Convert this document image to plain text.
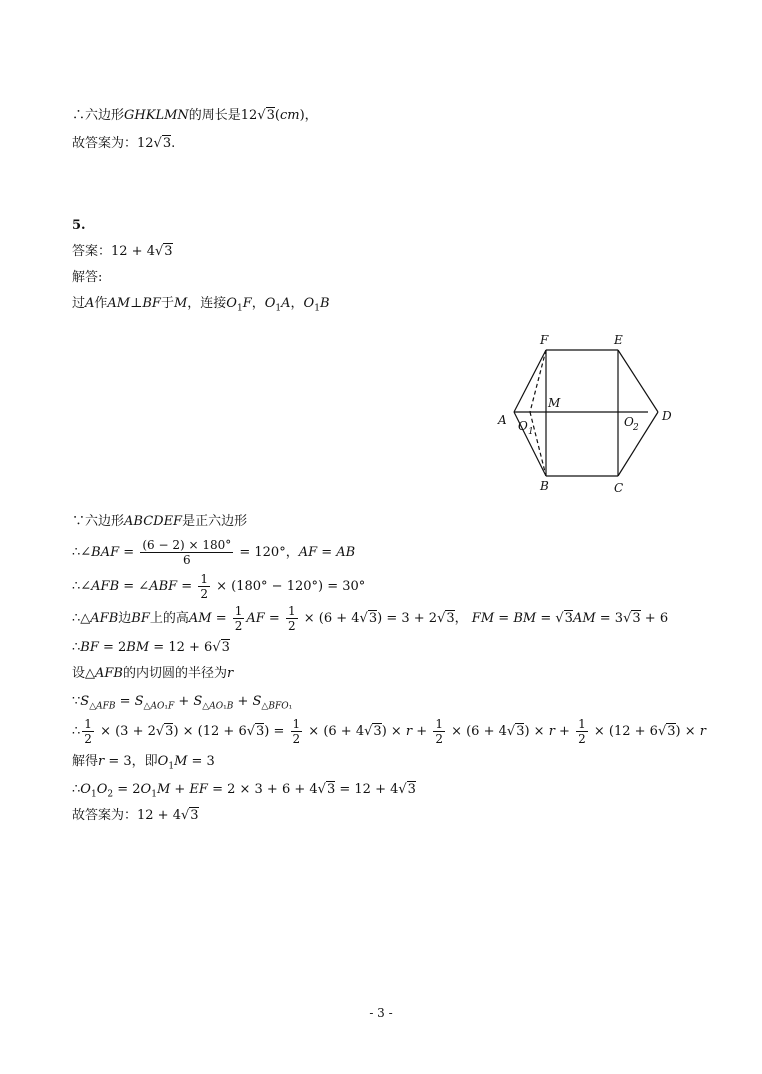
∴六边形GHKLMN的周长是12√3(cm)，
故答案为：12√3.
5.
答案：12 + 4√3
解答:
过A作AM⊥BF于M，连接$O_1F$，$O_1A$，$O_1B$
F	E
A	D
M
O 1
O 2
B	C
∵六边形ABCDEF是正六边形
∴∠BAF = $\frac{(6 - 2) \times 180^\circ}{6} = 120^\circ$，AF = AB
∴∠AFB = ∠ABF = $\frac{1}{2} \times (180^\circ - 120^\circ) = 30^\circ$
∴△AFB边BF上的高AM = $\frac{1}{2}$ AF = $\frac{1}{2} \times (6 + 4√3) = 3 + 2√3$， FM = BM = √3AM = 3√3 + 6
∴BF = 2BM = 12 + 6√3
设△AFB的内切圆的半径为r
$\because S_{\triangle AFB} = S_{\triangle AO_1F} + S_{\triangle AO_1B} + S_{\triangle BFO_1}$
∴ $\frac{1}{2} \times (3 + 2√3) \times (12 + 6√3) = \frac{1}{2} \times (6 + 4√3) \times r + \frac{1}{2} \times (6 + 4√3) \times r + \frac{1}{2} \times (12 + 6√3) \times r$
解得r = 3，即$O_1M = 3$
$\therefore O_1O_2 = 2O_1M$ + EF = 2 × 3 + 6 + 4√3 = 12 + 4√3
故答案为：12 + 4√3
- 3 -
